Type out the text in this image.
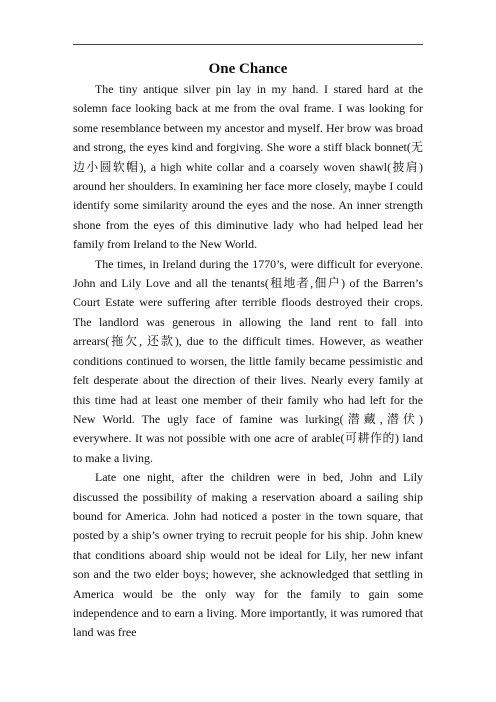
One Chance

The tiny antique silver pin lay in my hand. I stared hard at the solemn face looking back at me from the oval frame. I was looking for some resemblance between my ancestor and myself. Her brow was broad and strong, the eyes kind and forgiving. She wore a stiff black bonnet(无边小圆软帽), a high white collar and a coarsely woven shawl(披肩) around her shoulders. In examining her face more closely, maybe I could identify some similarity around the eyes and the nose. An inner strength shone from the eyes of this diminutive lady who had helped lead her family from Ireland to the New World.

The times, in Ireland during the 1770’s, were difficult for everyone. John and Lily Love and all the tenants(租地者,佃户) of the Barren’s Court Estate were suffering after terrible floods destroyed their crops. The landlord was generous in allowing the land rent to fall into arrears(拖欠, 还款), due to the difficult times. However, as weather conditions continued to worsen, the little family became pessimistic and felt desperate about the direction of their lives. Nearly every family at this time had at least one member of their family who had left for the New World. The ugly face of famine was lurking(潜藏,潜伏) everywhere. It was not possible with one acre of arable(可耕作的) land to make a living.

Late one night, after the children were in bed, John and Lily discussed the possibility of making a reservation aboard a sailing ship bound for America. John had noticed a poster in the town square, that posted by a ship’s owner trying to recruit people for his ship. John knew that conditions aboard ship would not be ideal for Lily, her new infant son and the two elder boys; however, she acknowledged that settling in America would be the only way for the family to gain some independence and to earn a living. More importantly, it was rumored that land was free
